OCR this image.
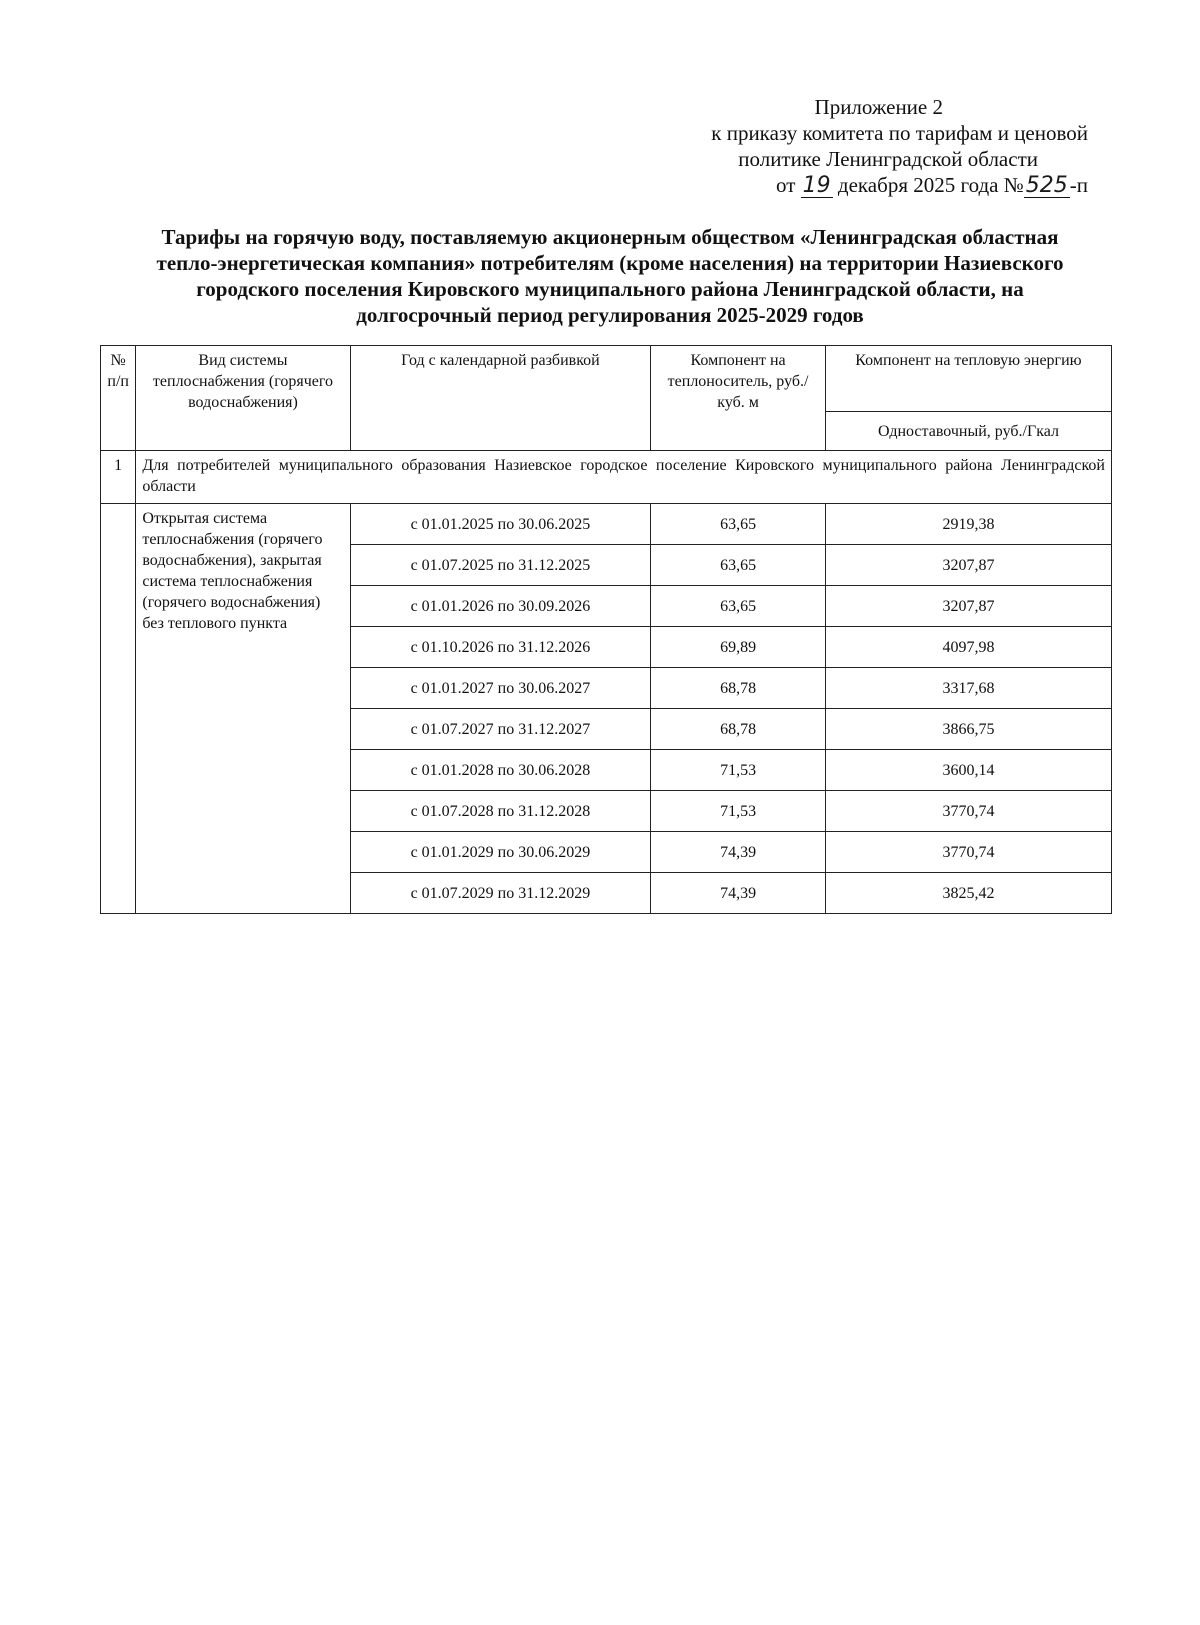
Приложение 2
к приказу комитета по тарифам и ценовой
политике Ленинградской области
от 19 декабря 2025 года №525-п
Тарифы на горячую воду, поставляемую акционерным обществом «Ленинградская областная тепло-энергетическая компания» потребителям (кроме населения) на территории Назиевского городского поселения Кировского муниципального района Ленинградской области, на долгосрочный период регулирования 2025-2029 годов
№ п/п	Вид системы теплоснабжения (горячего водоснабжения)	Год с календарной разбивкой	Компонент на теплоноситель, руб./куб. м	Компонент на тепловую энергию
				Одноставочный, руб./Гкал
1	Для потребителей муниципального образования Назиевское городское поселение Кировского муниципального района Ленинградской области			
	Открытая система теплоснабжения (горячего водоснабжения), закрытая система теплоснабжения (горячего водоснабжения) без теплового пункта	с 01.01.2025 по 30.06.2025	63,65	2919,38
		с 01.07.2025 по 31.12.2025	63,65	3207,87
		с 01.01.2026 по 30.09.2026	63,65	3207,87
		с 01.10.2026 по 31.12.2026	69,89	4097,98
		с 01.01.2027 по 30.06.2027	68,78	3317,68
		с 01.07.2027 по 31.12.2027	68,78	3866,75
		с 01.01.2028 по 30.06.2028	71,53	3600,14
		с 01.07.2028 по 31.12.2028	71,53	3770,74
		с 01.01.2029 по 30.06.2029	74,39	3770,74
		с 01.07.2029 по 31.12.2029	74,39	3825,42
